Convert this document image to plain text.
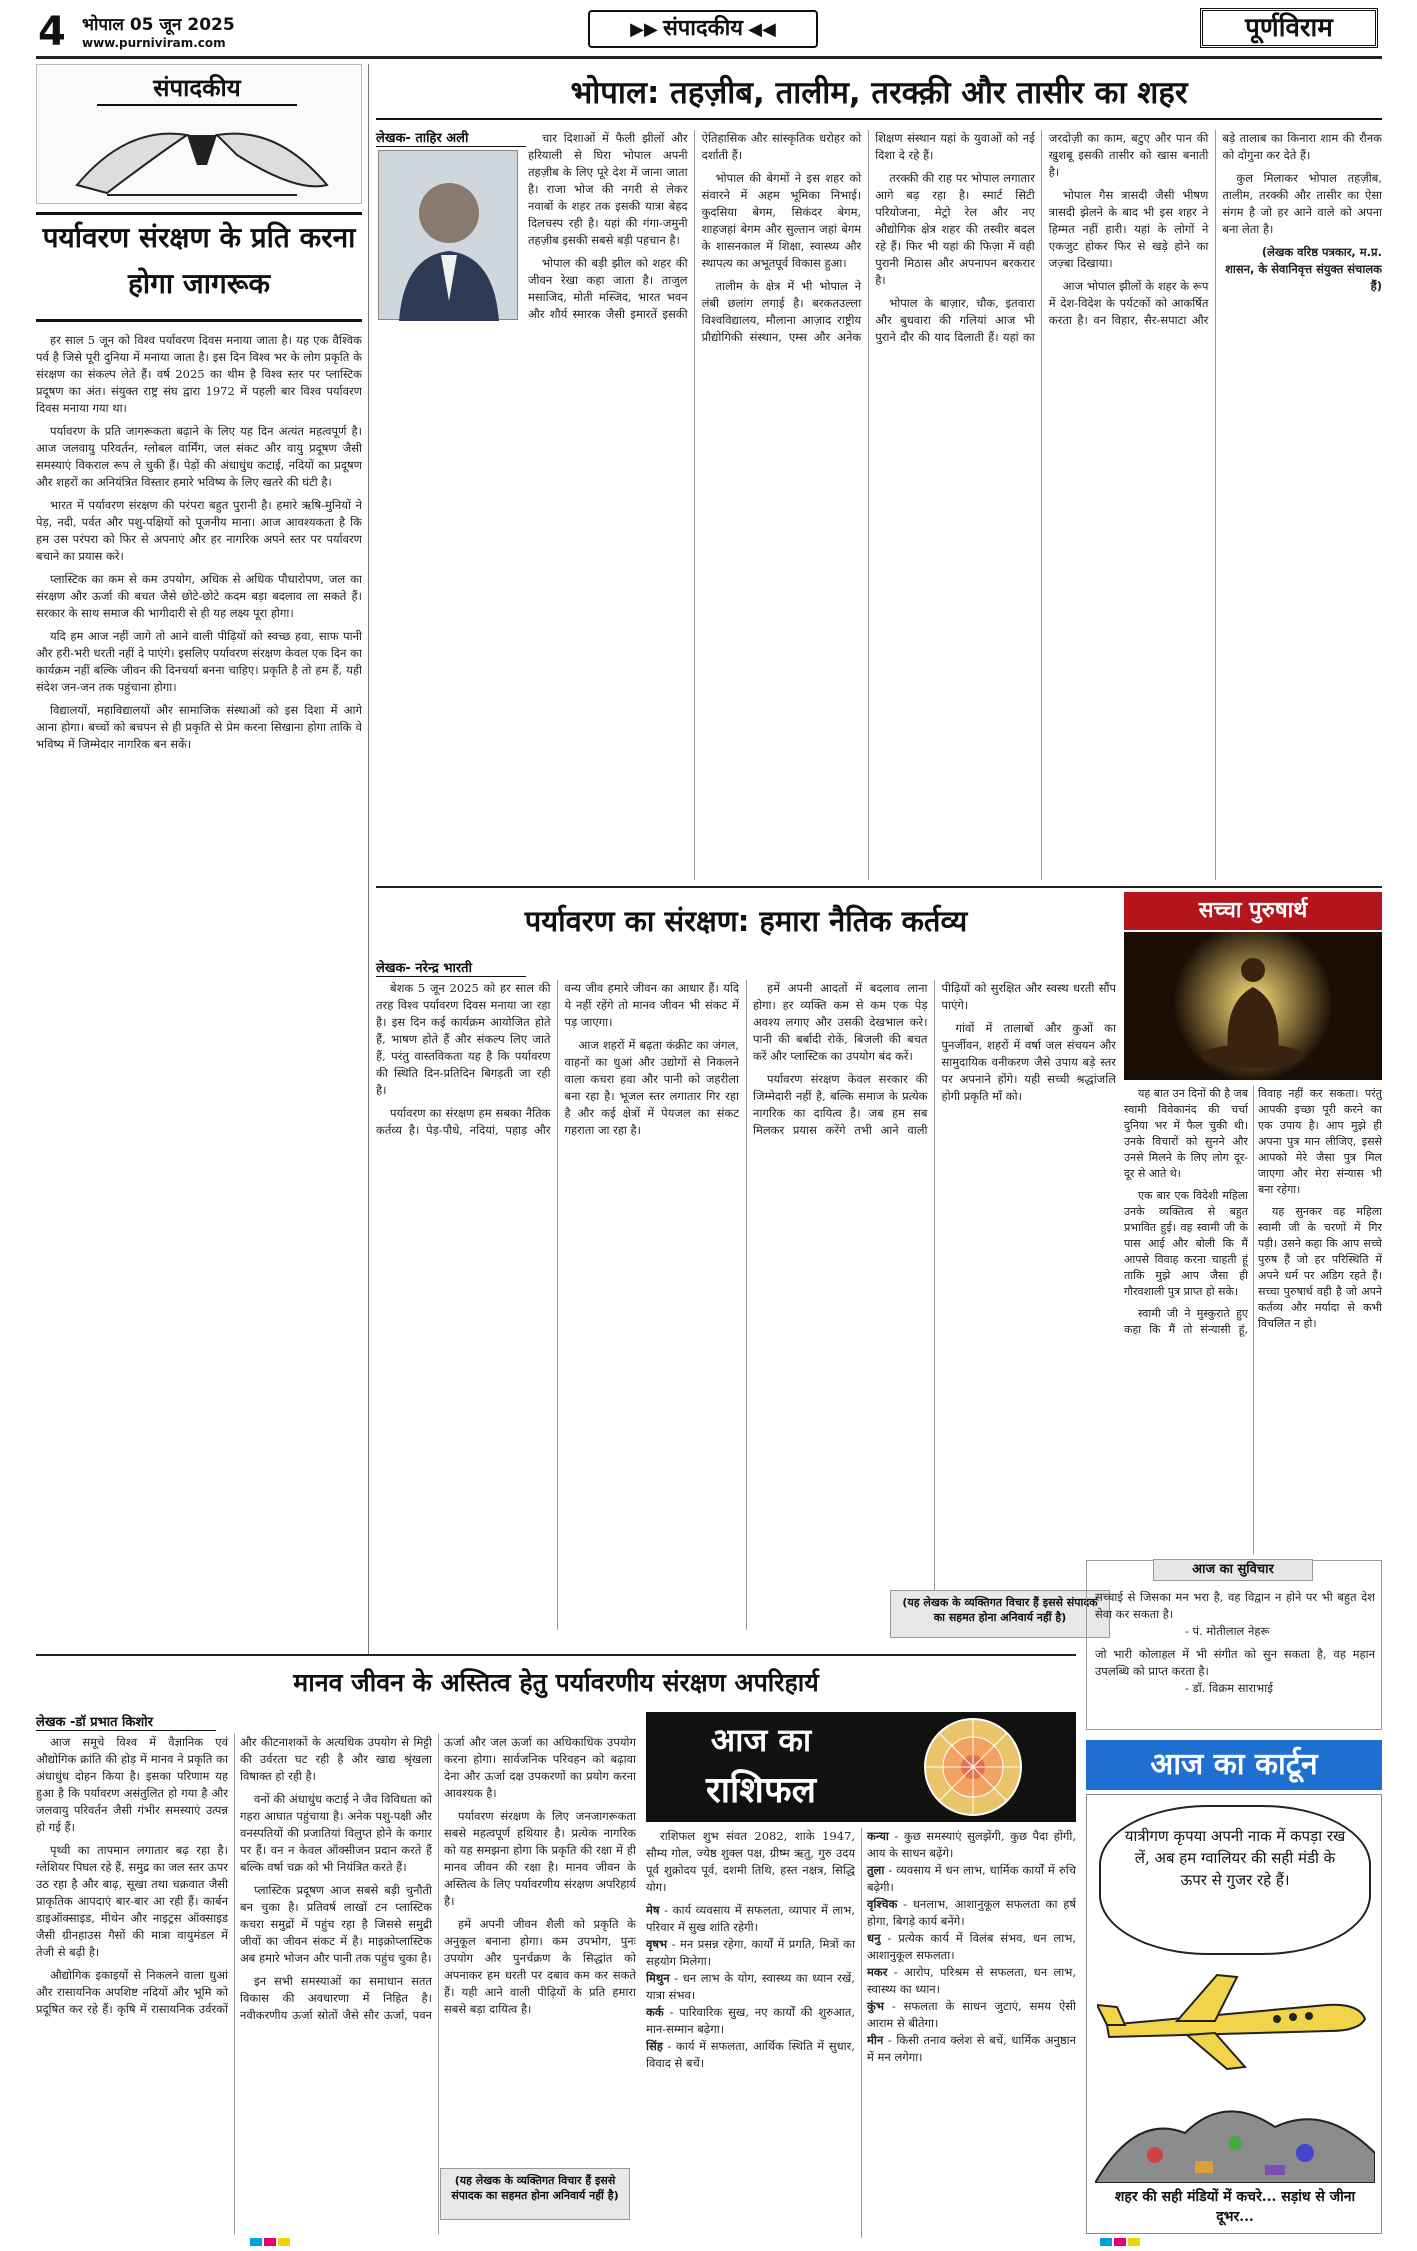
4 भोपाल 05 जून 2025
www.purniviram.com
▶▶ संपादकीय ◀◀	पूर्णविराम
संपादकीय
पर्यावरण संरक्षण के प्रति करना होगा जागरूक

हर साल 5 जून को विश्व पर्यावरण दिवस मनाया जाता है। यह एक वैश्विक पर्व है जिसे पूरी दुनिया में मनाया जाता है। इस दिन विश्व भर के लोग प्रकृति के संरक्षण का संकल्प लेते हैं। वर्ष 2025 का थीम है विश्व स्तर पर प्लास्टिक प्रदूषण का अंत। संयुक्त राष्ट्र संघ द्वारा 1972 में पहली बार विश्व पर्यावरण दिवस मनाया गया था।

पर्यावरण के प्रति जागरूकता बढ़ाने के लिए यह दिन अत्यंत महत्वपूर्ण है। आज जलवायु परिवर्तन, ग्लोबल वार्मिंग, जल संकट और वायु प्रदूषण जैसी समस्याएं विकराल रूप ले चुकी हैं। पेड़ों की अंधाधुंध कटाई, नदियों का प्रदूषण और शहरों का अनियंत्रित विस्तार हमारे भविष्य के लिए खतरे की घंटी है।

भारत में पर्यावरण संरक्षण की परंपरा बहुत पुरानी है। हमारे ऋषि-मुनियों ने पेड़, नदी, पर्वत और पशु-पक्षियों को पूजनीय माना। आज आवश्यकता है कि हम उस परंपरा को फिर से अपनाएं और हर नागरिक अपने स्तर पर पर्यावरण बचाने का प्रयास करे।

प्लास्टिक का कम से कम उपयोग, अधिक से अधिक पौधारोपण, जल का संरक्षण और ऊर्जा की बचत जैसे छोटे-छोटे कदम बड़ा बदलाव ला सकते हैं। सरकार के साथ समाज की भागीदारी से ही यह लक्ष्य पूरा होगा।

यदि हम आज नहीं जागे तो आने वाली पीढ़ियों को स्वच्छ हवा, साफ पानी और हरी-भरी धरती नहीं दे पाएंगे। इसलिए पर्यावरण संरक्षण केवल एक दिन का कार्यक्रम नहीं बल्कि जीवन की दिनचर्या बनना चाहिए। प्रकृति है तो हम हैं, यही संदेश जन-जन तक पहुंचाना होगा।

विद्यालयों, महाविद्यालयों और सामाजिक संस्थाओं को इस दिशा में आगे आना होगा। बच्चों को बचपन से ही प्रकृति से प्रेम करना सिखाना होगा ताकि वे भविष्य में जिम्मेदार नागरिक बन सकें।

भोपाल: तहज़ीब, तालीम, तरक्क़ी और तासीर का शहर
लेखक- ताहिर अली	चार दिशाओं में फैली झीलों और हरियाली से घिरा भोपाल अपनी तहज़ीब के लिए पूरे देश में जाना जाता है। राजा भोज की नगरी से लेकर नवाबों के शहर तक इसकी यात्रा बेहद दिलचस्प रही है। यहां की गंगा-जमुनी तहज़ीब इसकी सबसे बड़ी पहचान है।

भोपाल की बड़ी झील को शहर की जीवन रेखा कहा जाता है। ताजुल मसाजिद, मोती मस्जिद, भारत भवन और शौर्य स्मारक जैसी इमारतें इसकी ऐतिहासिक और सांस्कृतिक धरोहर को दर्शाती हैं।

भोपाल की बेगमों ने इस शहर को संवारने में अहम भूमिका निभाई। कुदसिया बेगम, सिकंदर बेगम, शाहजहां बेगम और सुल्तान जहां बेगम के शासनकाल में शिक्षा, स्वास्थ्य और स्थापत्य का अभूतपूर्व विकास हुआ।

तालीम के क्षेत्र में भी भोपाल ने लंबी छलांग लगाई है। बरकतउल्ला विश्वविद्यालय, मौलाना आज़ाद राष्ट्रीय प्रौद्योगिकी संस्थान, एम्स और अनेक शिक्षण संस्थान यहां के युवाओं को नई दिशा दे रहे हैं।

तरक्की की राह पर भोपाल लगातार आगे बढ़ रहा है। स्मार्ट सिटी परियोजना, मेट्रो रेल और नए औद्योगिक क्षेत्र शहर की तस्वीर बदल रहे हैं। फिर भी यहां की फिज़ा में वही पुरानी मिठास और अपनापन बरकरार है।

भोपाल के बाज़ार, चौक, इतवारा और बुधवारा की गलियां आज भी पुराने दौर की याद दिलाती हैं। यहां का जरदोज़ी का काम, बटुए और पान की खुशबू इसकी तासीर को खास बनाती है।

भोपाल गैस त्रासदी जैसी भीषण त्रासदी झेलने के बाद भी इस शहर ने हिम्मत नहीं हारी। यहां के लोगों ने एकजुट होकर फिर से खड़े होने का जज़्बा दिखाया।

आज भोपाल झीलों के शहर के रूप में देश-विदेश के पर्यटकों को आकर्षित करता है। वन विहार, सैर-सपाटा और बड़े तालाब का किनारा शाम की रौनक को दोगुना कर देते हैं।

कुल मिलाकर भोपाल तहज़ीब, तालीम, तरक्की और तासीर का ऐसा संगम है जो हर आने वाले को अपना बना लेता है।

(लेखक वरिष्ठ पत्रकार, म.प्र. शासन, के सेवानिवृत्त संयुक्त संचालक हैं)

पर्यावरण का संरक्षण: हमारा नैतिक कर्तव्य
लेखक- नरेन्द्र भारती

बेशक 5 जून 2025 को हर साल की तरह विश्व पर्यावरण दिवस मनाया जा रहा है। इस दिन कई कार्यक्रम आयोजित होते हैं, भाषण होते हैं और संकल्प लिए जाते हैं, परंतु वास्तविकता यह है कि पर्यावरण की स्थिति दिन-प्रतिदिन बिगड़ती जा रही है।

पर्यावरण का संरक्षण हम सबका नैतिक कर्तव्य है। पेड़-पौधे, नदियां, पहाड़ और वन्य जीव हमारे जीवन का आधार हैं। यदि ये नहीं रहेंगे तो मानव जीवन भी संकट में पड़ जाएगा।

आज शहरों में बढ़ता कंक्रीट का जंगल, वाहनों का धुआं और उद्योगों से निकलने वाला कचरा हवा और पानी को जहरीला बना रहा है। भूजल स्तर लगातार गिर रहा है और कई क्षेत्रों में पेयजल का संकट गहराता जा रहा है।

हमें अपनी आदतों में बदलाव लाना होगा। हर व्यक्ति कम से कम एक पेड़ अवश्य लगाए और उसकी देखभाल करे। पानी की बर्बादी रोकें, बिजली की बचत करें और प्लास्टिक का उपयोग बंद करें।

पर्यावरण संरक्षण केवल सरकार की जिम्मेदारी नहीं है, बल्कि समाज के प्रत्येक नागरिक का दायित्व है। जब हम सब मिलकर प्रयास करेंगे तभी आने वाली पीढ़ियों को सुरक्षित और स्वस्थ धरती सौंप पाएंगे।

गांवों में तालाबों और कुओं का पुनर्जीवन, शहरों में वर्षा जल संचयन और सामुदायिक वनीकरण जैसे उपाय बड़े स्तर पर अपनाने होंगे। यही सच्ची श्रद्धांजलि होगी प्रकृति माँ को।

(यह लेखक के व्यक्तिगत विचार हैं इससे संपादक का सहमत होना अनिवार्य नहीं है)
सच्चा पुरुषार्थ

यह बात उन दिनों की है जब स्वामी विवेकानंद की चर्चा दुनिया भर में फैल चुकी थी। उनके विचारों को सुनने और उनसे मिलने के लिए लोग दूर-दूर से आते थे।

एक बार एक विदेशी महिला उनके व्यक्तित्व से बहुत प्रभावित हुई। वह स्वामी जी के पास आई और बोली कि मैं आपसे विवाह करना चाहती हूं ताकि मुझे आप जैसा ही गौरवशाली पुत्र प्राप्त हो सके।

स्वामी जी ने मुस्कुराते हुए कहा कि मैं तो संन्यासी हूं, विवाह नहीं कर सकता। परंतु आपकी इच्छा पूरी करने का एक उपाय है। आप मुझे ही अपना पुत्र मान लीजिए, इससे आपको मेरे जैसा पुत्र मिल जाएगा और मेरा संन्यास भी बना रहेगा।

यह सुनकर वह महिला स्वामी जी के चरणों में गिर पड़ी। उसने कहा कि आप सच्चे पुरुष हैं जो हर परिस्थिति में अपने धर्म पर अडिग रहते हैं। सच्चा पुरुषार्थ वही है जो अपने कर्तव्य और मर्यादा से कभी विचलित न हो।

आज का सुविचार
सच्चाई से जिसका मन भरा है, वह विद्वान न होने पर भी बहुत देश सेवा कर सकता है।
- पं. मोतीलाल नेहरू
जो भारी कोलाहल में भी संगीत को सुन सकता है, वह महान उपलब्धि को प्राप्त करता है।
- डॉ. विक्रम साराभाई
मानव जीवन के अस्तित्व हेतु पर्यावरणीय संरक्षण अपरिहार्य
लेखक -डॉ प्रभात किशोर

आज समूचे विश्व में वैज्ञानिक एवं औद्योगिक क्रांति की होड़ में मानव ने प्रकृति का अंधाधुंध दोहन किया है। इसका परिणाम यह हुआ है कि पर्यावरण असंतुलित हो गया है और जलवायु परिवर्तन जैसी गंभीर समस्याएं उत्पन्न हो गई हैं।

पृथ्वी का तापमान लगातार बढ़ रहा है। ग्लेशियर पिघल रहे हैं, समुद्र का जल स्तर ऊपर उठ रहा है और बाढ़, सूखा तथा चक्रवात जैसी प्राकृतिक आपदाएं बार-बार आ रही हैं। कार्बन डाइऑक्साइड, मीथेन और नाइट्रस ऑक्साइड जैसी ग्रीनहाउस गैसों की मात्रा वायुमंडल में तेजी से बढ़ी है।

औद्योगिक इकाइयों से निकलने वाला धुआं और रासायनिक अपशिष्ट नदियों और भूमि को प्रदूषित कर रहे हैं। कृषि में रासायनिक उर्वरकों और कीटनाशकों के अत्यधिक उपयोग से मिट्टी की उर्वरता घट रही है और खाद्य श्रृंखला विषाक्त हो रही है।

वनों की अंधाधुंध कटाई ने जैव विविधता को गहरा आघात पहुंचाया है। अनेक पशु-पक्षी और वनस्पतियों की प्रजातियां विलुप्त होने के कगार पर हैं। वन न केवल ऑक्सीजन प्रदान करते हैं बल्कि वर्षा चक्र को भी नियंत्रित करते हैं।

प्लास्टिक प्रदूषण आज सबसे बड़ी चुनौती बन चुका है। प्रतिवर्ष लाखों टन प्लास्टिक कचरा समुद्रों में पहुंच रहा है जिससे समुद्री जीवों का जीवन संकट में है। माइक्रोप्लास्टिक अब हमारे भोजन और पानी तक पहुंच चुका है।

इन सभी समस्याओं का समाधान सतत विकास की अवधारणा में निहित है। नवीकरणीय ऊर्जा स्रोतों जैसे सौर ऊर्जा, पवन ऊर्जा और जल ऊर्जा का अधिकाधिक उपयोग करना होगा। सार्वजनिक परिवहन को बढ़ावा देना और ऊर्जा दक्ष उपकरणों का प्रयोग करना आवश्यक है।

पर्यावरण संरक्षण के लिए जनजागरूकता सबसे महत्वपूर्ण हथियार है। प्रत्येक नागरिक को यह समझना होगा कि प्रकृति की रक्षा में ही मानव जीवन की रक्षा है। मानव जीवन के अस्तित्व के लिए पर्यावरणीय संरक्षण अपरिहार्य है।

हमें अपनी जीवन शैली को प्रकृति के अनुकूल बनाना होगा। कम उपभोग, पुनः उपयोग और पुनर्चक्रण के सिद्धांत को अपनाकर हम धरती पर दबाव कम कर सकते हैं। यही आने वाली पीढ़ियों के प्रति हमारा सबसे बड़ा दायित्व है।

(यह लेखक के व्यक्तिगत विचार हैं इससे संपादक का सहमत होना अनिवार्य नहीं है)
आज का
राशिफल

राशिफल शुभ संवत 2082, शाके 1947, सौम्य गोल, ज्येष्ठ शुक्ल पक्ष, ग्रीष्म ऋतु, गुरु उदय पूर्व शुक्रोदय पूर्व, दशमी तिथि, हस्त नक्षत्र, सिद्धि योग।

मेष - कार्य व्यवसाय में सफलता, व्यापार में लाभ, परिवार में सुख शांति रहेगी।
वृषभ - मन प्रसन्न रहेगा, कार्यों में प्रगति, मित्रों का सहयोग मिलेगा।
मिथुन - धन लाभ के योग, स्वास्थ्य का ध्यान रखें, यात्रा संभव।
कर्क - पारिवारिक सुख, नए कार्यों की शुरुआत, मान-सम्मान बढ़ेगा।
सिंह - कार्य में सफलता, आर्थिक स्थिति में सुधार, विवाद से बचें।
कन्या - कुछ समस्याएं सुलझेंगी, कुछ पैदा होंगी, आय के साधन बढ़ेंगे।
तुला - व्यवसाय में धन लाभ, धार्मिक कार्यों में रुचि बढ़ेगी।
वृश्चिक - धनलाभ, आशानुकूल सफलता का हर्ष होगा, बिगड़े कार्य बनेंगे।
धनु - प्रत्येक कार्य में विलंब संभव, धन लाभ, आशानुकूल सफलता।
मकर - आरोप, परिश्रम से सफलता, धन लाभ, स्वास्थ्य का ध्यान।
कुंभ - सफलता के साधन जुटाएं, समय ऐसी आराम से बीतेगा।
मीन - किसी तनाव क्लेश से बचें, धार्मिक अनुष्ठान में मन लगेगा।
आज का कार्टून
यात्रीगण कृपया अपनी नाक में कपड़ा रख लें, अब हम ग्वालियर की सही मंडी के ऊपर से गुजर रहे हैं।
शहर की सही मंडियों में कचरे... सड़ांध से जीना दूभर...
